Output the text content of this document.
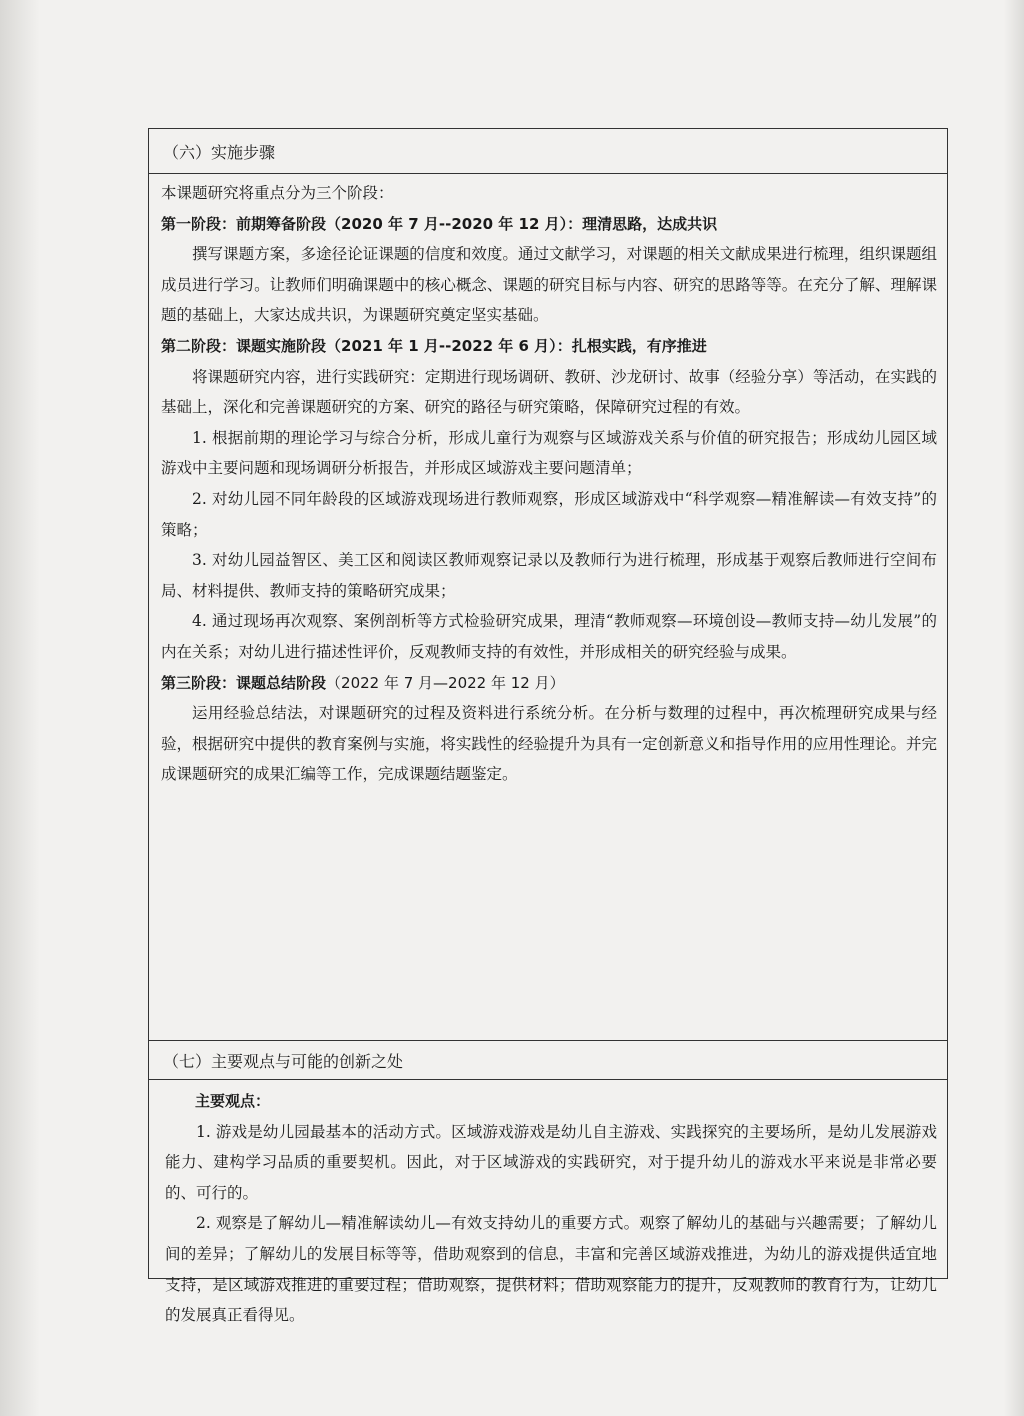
（六）实施步骤

本课题研究将重点分为三个阶段：

第一阶段：前期筹备阶段（2020 年 7 月--2020 年 12 月）：理清思路，达成共识

撰写课题方案，多途径论证课题的信度和效度。通过文献学习，对课题的相关文献成果进行梳理，组织课题组成员进行学习。让教师们明确课题中的核心概念、课题的研究目标与内容、研究的思路等等。在充分了解、理解课题的基础上，大家达成共识，为课题研究奠定坚实基础。

第二阶段：课题实施阶段（2021 年 1 月--2022 年 6 月）：扎根实践，有序推进

将课题研究内容，进行实践研究：定期进行现场调研、教研、沙龙研讨、故事（经验分享）等活动，在实践的基础上，深化和完善课题研究的方案、研究的路径与研究策略，保障研究过程的有效。

1. 根据前期的理论学习与综合分析，形成儿童行为观察与区域游戏关系与价值的研究报告；形成幼儿园区域游戏中主要问题和现场调研分析报告，并形成区域游戏主要问题清单；

2. 对幼儿园不同年龄段的区域游戏现场进行教师观察，形成区域游戏中“科学观察—精准解读—有效支持”的策略；

3. 对幼儿园益智区、美工区和阅读区教师观察记录以及教师行为进行梳理，形成基于观察后教师进行空间布局、材料提供、教师支持的策略研究成果；

4. 通过现场再次观察、案例剖析等方式检验研究成果，理清“教师观察—环境创设—教师支持—幼儿发展”的内在关系；对幼儿进行描述性评价，反观教师支持的有效性，并形成相关的研究经验与成果。

第三阶段：课题总结阶段（2022 年 7 月—2022 年 12 月）

运用经验总结法，对课题研究的过程及资料进行系统分析。在分析与数理的过程中，再次梳理研究成果与经验，根据研究中提供的教育案例与实施，将实践性的经验提升为具有一定创新意义和指导作用的应用性理论。并完成课题研究的成果汇编等工作，完成课题结题鉴定。

（七）主要观点与可能的创新之处

主要观点：

1. 游戏是幼儿园最基本的活动方式。区域游戏游戏是幼儿自主游戏、实践探究的主要场所，是幼儿发展游戏能力、建构学习品质的重要契机。因此，对于区域游戏的实践研究，对于提升幼儿的游戏水平来说是非常必要的、可行的。

2. 观察是了解幼儿—精准解读幼儿—有效支持幼儿的重要方式。观察了解幼儿的基础与兴趣需要；了解幼儿间的差异；了解幼儿的发展目标等等，借助观察到的信息，丰富和完善区域游戏推进，为幼儿的游戏提供适宜地支持，是区域游戏推进的重要过程；借助观察，提供材料；借助观察能力的提升，反观教师的教育行为，让幼儿的发展真正看得见。
